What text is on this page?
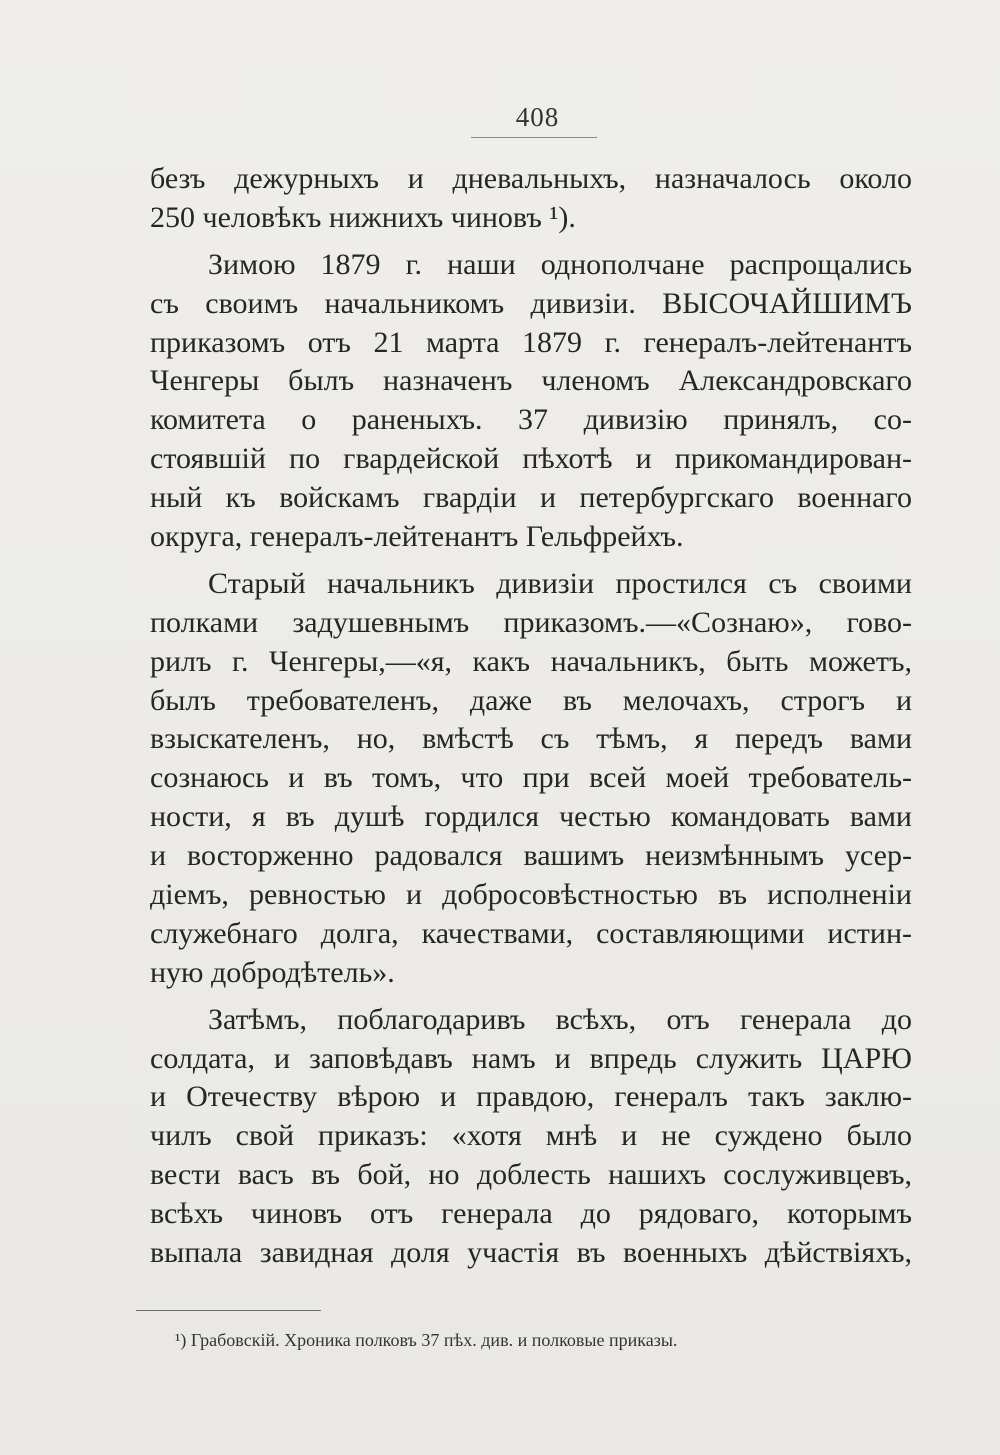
408
безъ дежурныхъ и дневальныхъ, назначалось около
250 человѣкъ нижнихъ чиновъ ¹).
Зимою 1879 г. наши однополчане распрощались
съ своимъ начальникомъ дивизіи. ВЫСОЧАЙШИМЪ
приказомъ отъ 21 марта 1879 г. генералъ-лейтенантъ
Ченгеры былъ назначенъ членомъ Александровскаго
комитета о раненыхъ. 37 дивизію принялъ, со-
стоявшій по гвардейской пѣхотѣ и прикомандирован-
ный къ войскамъ гвардіи и петербургскаго военнаго
округа, генералъ-лейтенантъ Гельфрейхъ.
Старый начальникъ дивизіи простился съ своими
полками задушевнымъ приказомъ.—«Сознаю», гово-
рилъ г. Ченгеры,—«я, какъ начальникъ, быть можетъ,
былъ требователенъ, даже въ мелочахъ, строгъ и
взыскателенъ, но, вмѣстѣ съ тѣмъ, я передъ вами
сознаюсь и въ томъ, что при всей моей требователь-
ности, я въ душѣ гордился честью командовать вами
и восторженно радовался вашимъ неизмѣннымъ усер-
діемъ, ревностью и добросовѣстностью въ исполненіи
служебнаго долга, качествами, составляющими истин-
ную добродѣтель».
Затѣмъ, поблагодаривъ всѣхъ, отъ генерала до
солдата, и заповѣдавъ намъ и впредь служить ЦАРЮ
и Отечеству вѣрою и правдою, генералъ такъ заклю-
чилъ свой приказъ: «хотя мнѣ и не суждено было
вести васъ въ бой, но доблесть нашихъ сослуживцевъ,
всѣхъ чиновъ отъ генерала до рядоваго, которымъ
выпала завидная доля участія въ военныхъ дѣйствіяхъ,
¹) Грабовскій. Хроника полковъ 37 пѣх. див. и полковые приказы.
